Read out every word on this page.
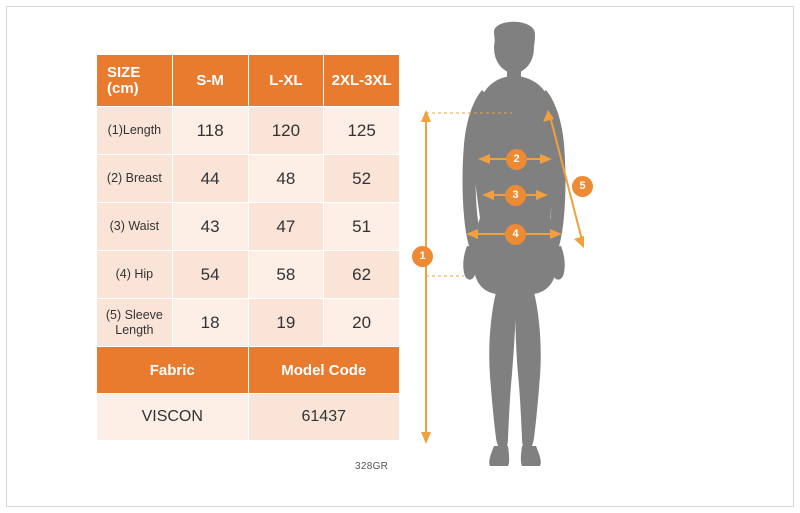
SIZE
(cm)	S-M	L-XL	2XL-3XL
(1)Length	118	120	125
(2) Breast	44	48	52
(3) Waist	43	47	51
(4) Hip	54	58	62
(5) Sleeve Length	18	19	20
Fabric		Model Code	
VISCON		61437	
328GR
1
2
3
4
5
